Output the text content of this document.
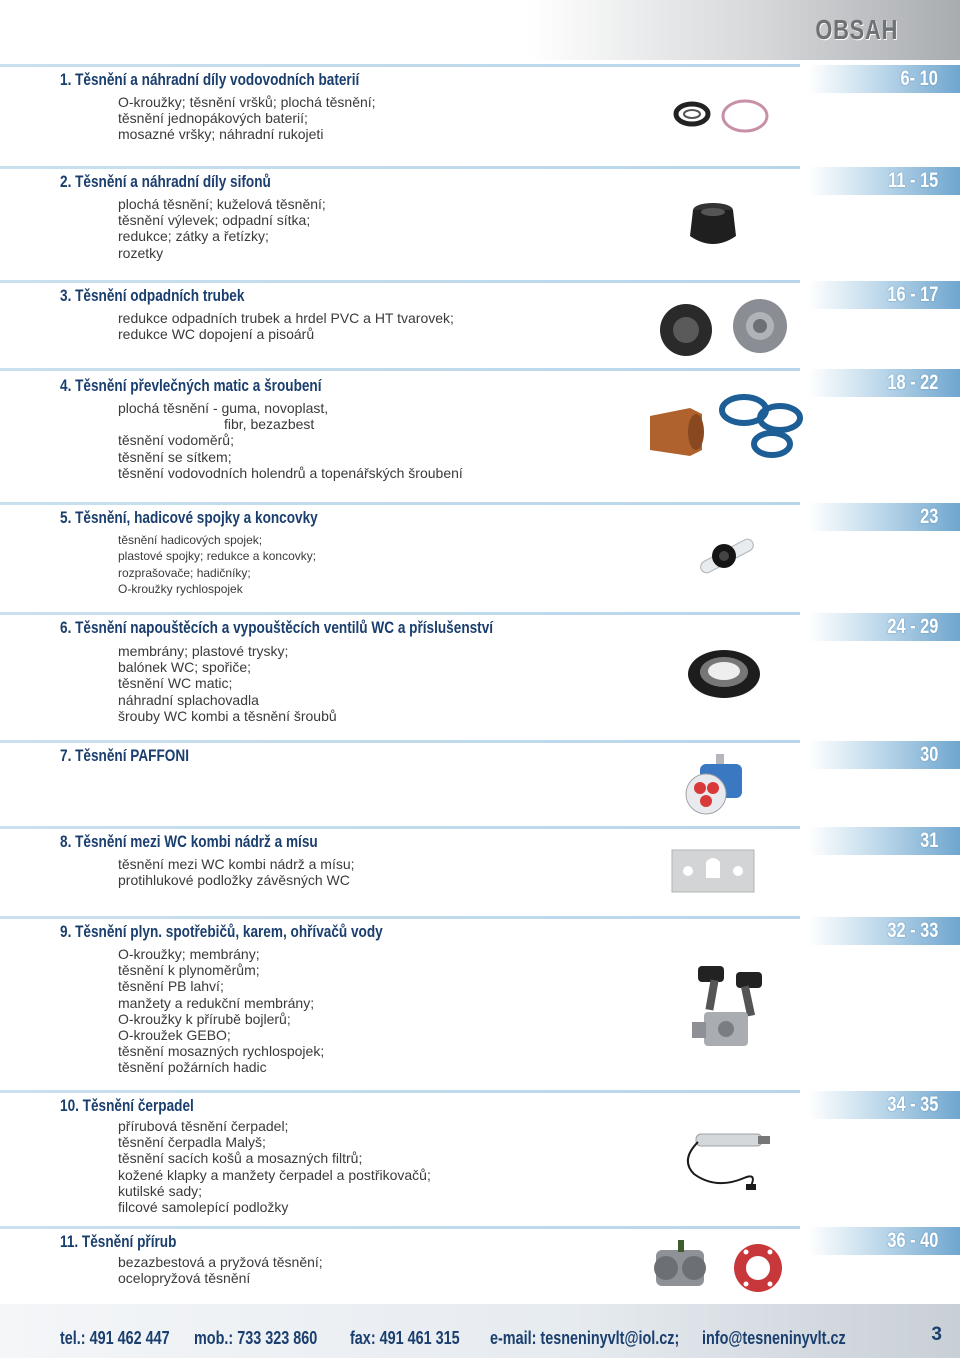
OBSAH
6- 10
1. Těsnění a náhradní díly vodovodních baterií
O-kroužky; těsnění vršků; plochá těsnění;
těsnění jednopákových baterií;
mosazné vršky; náhradní rukojeti
11 - 15
2. Těsnění a náhradní díly sifonů
plochá těsnění; kuželová těsnění;
těsnění výlevek; odpadní sítka;
redukce; zátky a řetízky;
rozetky
16 - 17
3. Těsnění odpadních trubek
redukce odpadních trubek a hrdel PVC a HT tvarovek;
redukce WC dopojení a pisoárů
18 - 22
4. Těsnění převlečných matic a šroubení
plochá těsnění - guma, novoplast,
fibr, bezazbest
těsnění vodoměrů;
těsnění se sítkem;
těsnění vodovodních holendrů a topenářských šroubení
23
5. Těsnění, hadicové spojky a koncovky
těsnění hadicových spojek;
plastové spojky; redukce a koncovky;
rozprašovače; hadičníky;
O-kroužky rychlospojek
24 - 29
6. Těsnění napouštěcích a vypouštěcích ventilů WC a příslušenství
membrány; plastové trysky;
balónek WC; spořiče;
těsnění WC matic;
náhradní splachovadla
šrouby WC kombi a těsnění šroubů
30
7. Těsnění PAFFONI
31
8. Těsnění mezi WC kombi nádrž a mísu
těsnění mezi WC kombi nádrž a mísu;
protihlukové podložky závěsných WC
32 - 33
9. Těsnění plyn. spotřebičů, karem, ohřívačů vody
O-kroužky; membrány;
těsnění k plynoměrům;
těsnění PB lahví;
manžety a redukční membrány;
O-kroužky k přírubě bojlerů;
O-kroužek GEBO;
těsnění mosazných rychlospojek;
těsnění požárních hadic
34 - 35
10. Těsnění čerpadel
přírubová těsnění čerpadel;
těsnění čerpadla Malyš;
těsnění sacích košů a mosazných filtrů;
kožené klapky a manžety čerpadel a postřikovačů;
kutilské sady;
filcové samolepící podložky
36 - 40
11. Těsnění přírub
bezazbestová a pryžová těsnění;
ocelopryžová těsnění
tel.: 491 462 447 mob.: 733 323 860 fax: 491 461 315 e-mail: tesneninyvlt@iol.cz; info@tesneninyvlt.cz	3
